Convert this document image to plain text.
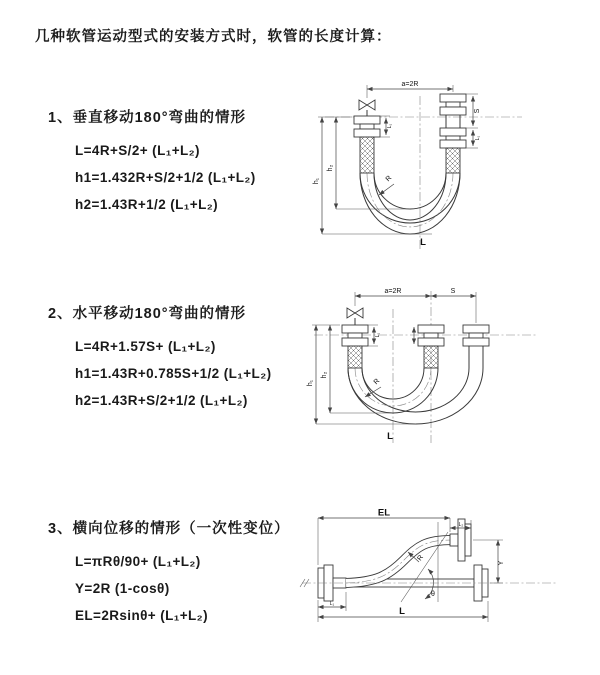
几种软管运动型式的安装方式时，软管的长度计算：
1、垂直移动180°弯曲的情形
L=4R+S/2+ (L₁+L₂)
h1=1.432R+S/2+1/2 (L₁+L₂)
h2=1.43R+1/2 (L₁+L₂)
2、水平移动180°弯曲的情形
L=4R+1.57S+ (L₁+L₂)
h1=1.43R+0.785S+1/2 (L₁+L₂)
h2=1.43R+S/2+1/2 (L₁+L₂)
3、横向位移的情形（一次性变位）
L=πRθ/90+ (L₁+L₂)
Y=2R (1-cosθ)
EL=2Rsinθ+ (L₁+L₂)
a=2R
h₁
h₂
L₁
S
L₁
R
L
a=2R	S
h₁
h₂
L₁
R
L
θ
EL
L₂
Y
L₁
L
R
